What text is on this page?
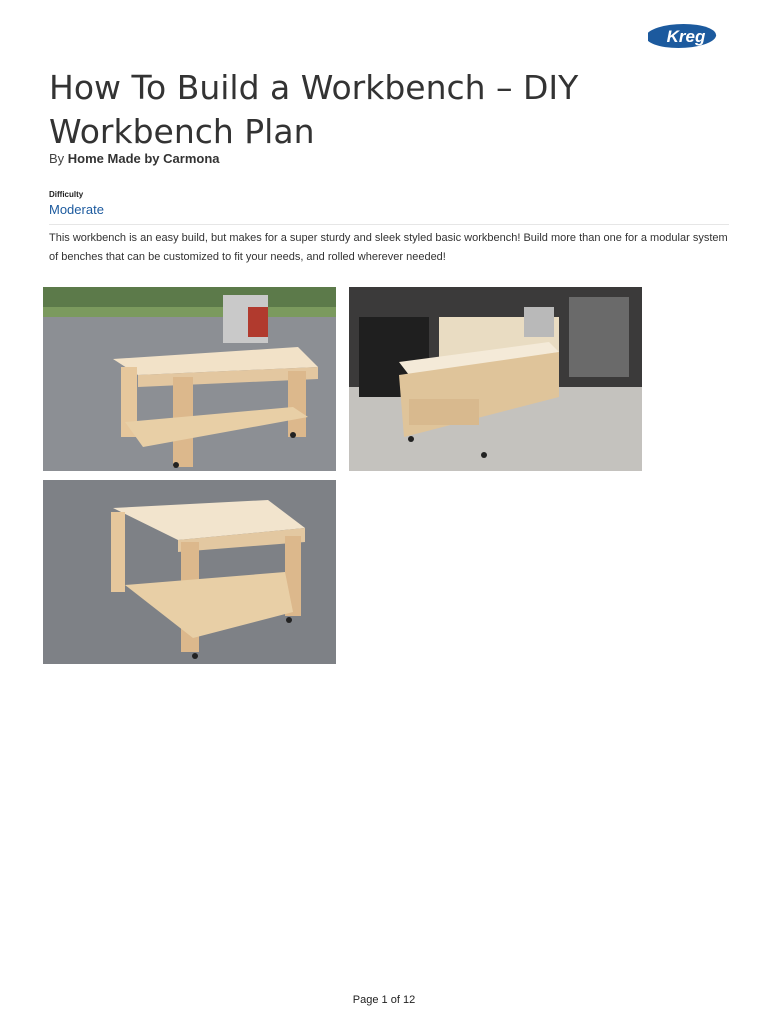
Kreg
How To Build a Workbench – DIY Workbench Plan
By Home Made by Carmona
Difficulty
Moderate

This workbench is an easy build, but makes for a super sturdy and sleek styled basic workbench! Build more than one for a modular system of benches that can be customized to fit your needs, and rolled wherever needed!

Page 1 of 12
